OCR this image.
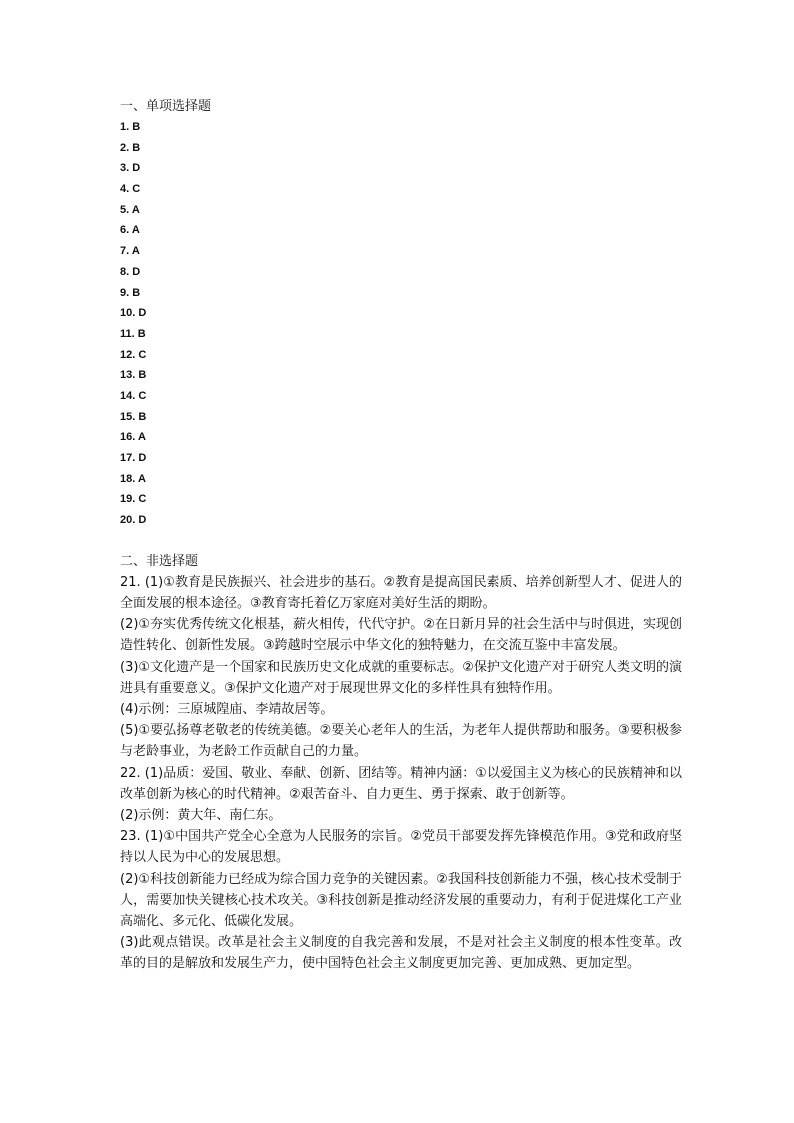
一、单项选择题
1. B
2. B
3. D
4. C
5. A
6. A
7. A
8. D
9. B
10. D
11. B
12. C
13. B
14. C
15. B
16. A
17. D
18. A
19. C
20. D
二、非选择题
21. (1)①教育是民族振兴、社会进步的基石。②教育是提高国民素质、培养创新型人才、促进人的全面发展的根本途径。③教育寄托着亿万家庭对美好生活的期盼。
(2)①夯实优秀传统文化根基，薪火相传，代代守护。②在日新月异的社会生活中与时俱进，实现创造性转化、创新性发展。③跨越时空展示中华文化的独特魅力，在交流互鉴中丰富发展。
(3)①文化遗产是一个国家和民族历史文化成就的重要标志。②保护文化遗产对于研究人类文明的演进具有重要意义。③保护文化遗产对于展现世界文化的多样性具有独特作用。
(4)示例：三原城隍庙、李靖故居等。
(5)①要弘扬尊老敬老的传统美德。②要关心老年人的生活，为老年人提供帮助和服务。③要积极参与老龄事业，为老龄工作贡献自己的力量。
22. (1)品质：爱国、敬业、奉献、创新、团结等。精神内涵：①以爱国主义为核心的民族精神和以改革创新为核心的时代精神。②艰苦奋斗、自力更生、勇于探索、敢于创新等。
(2)示例：黄大年、南仁东。
23. (1)①中国共产党全心全意为人民服务的宗旨。②党员干部要发挥先锋模范作用。③党和政府坚持以人民为中心的发展思想。
(2)①科技创新能力已经成为综合国力竞争的关键因素。②我国科技创新能力不强，核心技术受制于人，需要加快关键核心技术攻关。③科技创新是推动经济发展的重要动力，有利于促进煤化工产业高端化、多元化、低碳化发展。
(3)此观点错误。改革是社会主义制度的自我完善和发展，不是对社会主义制度的根本性变革。改革的目的是解放和发展生产力，使中国特色社会主义制度更加完善、更加成熟、更加定型。
